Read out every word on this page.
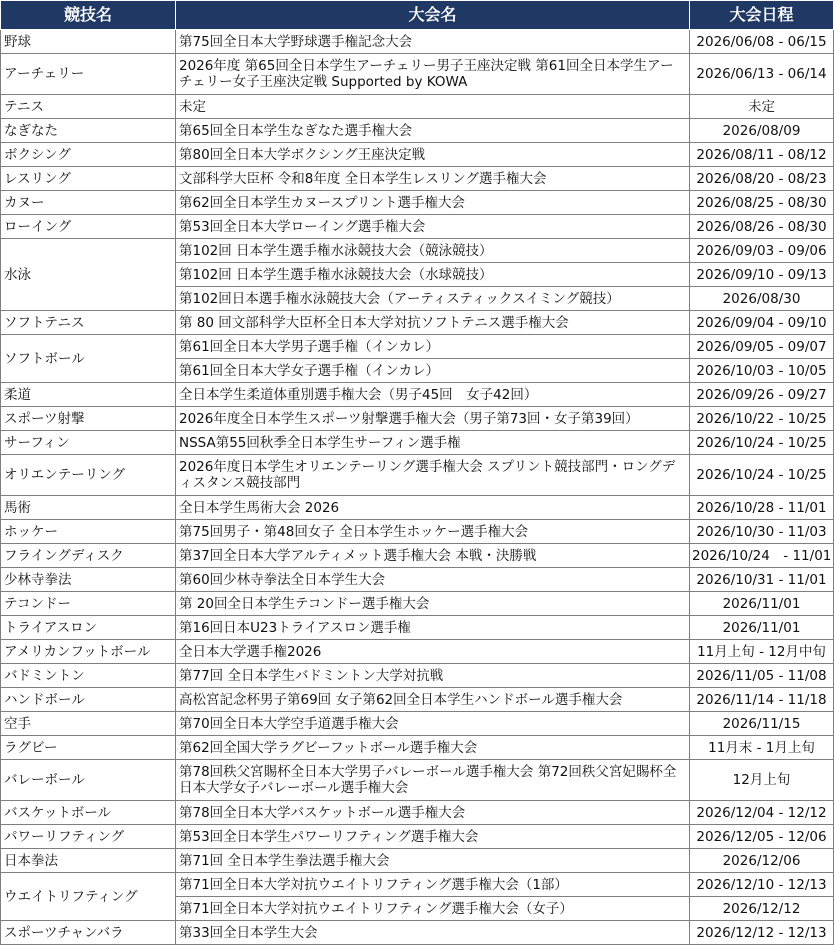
競技名	大会名	大会日程
野球	第75回全日本大学野球選手権記念大会	2026/06/08 - 06/15
アーチェリー	2026年度 第65回全日本学生アーチェリー男子王座決定戦 第61回全日本学生アーチェリー女子王座決定戦 Supported by KOWA	2026/06/13 - 06/14
テニス	未定	未定
なぎなた	第65回全日本学生なぎなた選手権大会	2026/08/09
ボクシング	第80回全日本大学ボクシング王座決定戦	2026/08/11 - 08/12
レスリング	文部科学大臣杯 令和8年度 全日本学生レスリング選手権大会	2026/08/20 - 08/23
カヌー	第62回全日本学生カヌースプリント選手権大会	2026/08/25 - 08/30
ローイング	第53回全日本大学ローイング選手権大会	2026/08/26 - 08/30
水泳	第102回 日本学生選手権水泳競技大会（競泳競技）	2026/09/03 - 09/06
	第102回 日本学生選手権水泳競技大会（水球競技）	2026/09/10 - 09/13
	第102回日本選手権水泳競技大会（アーティスティックスイミング競技）	2026/08/30
ソフトテニス	第 80 回文部科学大臣杯全日本大学対抗ソフトテニス選手権大会	2026/09/04 - 09/10
ソフトボール	第61回全日本大学男子選手権（インカレ）	2026/09/05 - 09/07
	第61回全日本大学女子選手権（インカレ）	2026/10/03 - 10/05
柔道	全日本学生柔道体重別選手権大会（男子45回　女子42回）	2026/09/26 - 09/27
スポーツ射撃	2026年度全日本学生スポーツ射撃選手権大会（男子第73回・女子第39回）	2026/10/22 - 10/25
サーフィン	NSSA第55回秋季全日本学生サーフィン選手権	2026/10/24 - 10/25
オリエンテーリング	2026年度日本学生オリエンテーリング選手権大会 スプリント競技部門・ロングディスタンス競技部門	2026/10/24 - 10/25
馬術	全日本学生馬術大会 2026	2026/10/28 - 11/01
ホッケー	第75回男子・第48回女子 全日本学生ホッケー選手権大会	2026/10/30 - 11/03
フライングディスク	第37回全日本大学アルティメット選手権大会 本戦・決勝戦	2026/10/24　- 11/01
少林寺拳法	第60回少林寺拳法全日本学生大会	2026/10/31 - 11/01
テコンドー	第 20回全日本学生テコンドー選手権大会	2026/11/01
トライアスロン	第16回日本U23トライアスロン選手権	2026/11/01
アメリカンフットボール	全日本大学選手権2026	11月上旬 - 12月中旬
バドミントン	第77回 全日本学生バドミントン大学対抗戦	2026/11/05 - 11/08
ハンドボール	高松宮記念杯男子第69回 女子第62回全日本学生ハンドボール選手権大会	2026/11/14 - 11/18
空手	第70回全日本大学空手道選手権大会	2026/11/15
ラグビー	第62回全国大学ラグビーフットボール選手権大会	11月末 - 1月上旬
バレーボール	第78回秩父宮賜杯全日本大学男子バレーボール選手権大会 第72回秩父宮妃賜杯全日本大学女子バレーボール選手権大会	12月上旬
バスケットボール	第78回全日本大学バスケットボール選手権大会	2026/12/04 - 12/12
パワーリフティング	第53回全日本学生パワーリフティング選手権大会	2026/12/05 - 12/06
日本拳法	第71回 全日本学生拳法選手権大会	2026/12/06
ウエイトリフティング	第71回全日本大学対抗ウエイトリフティング選手権大会（1部）	2026/12/10 - 12/13
	第71回全日本大学対抗ウエイトリフティング選手権大会（女子）	2026/12/12
スポーツチャンバラ	第33回全日本学生大会	2026/12/12 - 12/13
